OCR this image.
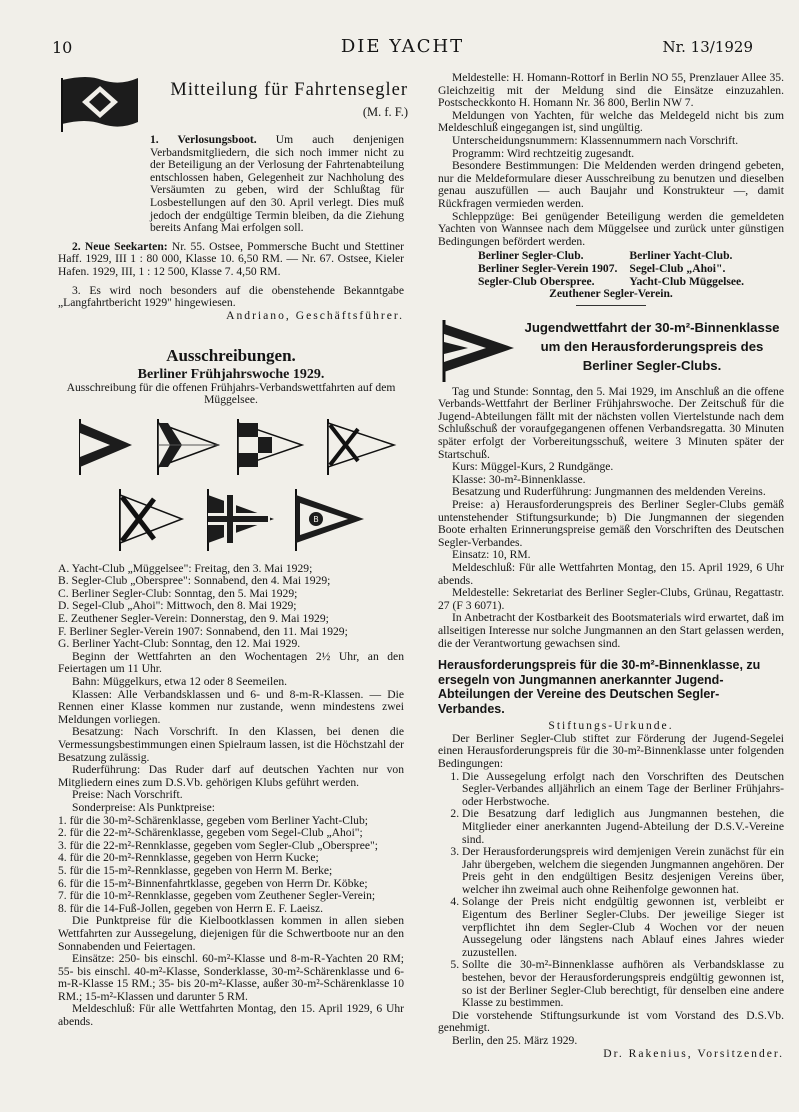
10	DIE YACHT	Nr. 13/1929
Mitteilung für Fahrtensegler
(M. f. F.)

1. Verlosungsboot. Um auch denjenigen Verbandsmitgliedern, die sich noch immer nicht zu der Beteiligung an der Verlosung der Fahrtenabteilung entschlossen haben, Gelegenheit zur Nachholung des Versäumten zu geben, wird der Schlußtag für Losbestellungen auf den 30. April verlegt. Dies muß jedoch der endgültige Termin bleiben, da die Ziehung bereits Anfang Mai erfolgen soll.

2. Neue Seekarten: Nr. 55. Ostsee, Pommersche Bucht und Stettiner Haff. 1929, III 1 : 80 000, Klasse 10. 6,50 RM. — Nr. 67. Ostsee, Kieler Hafen. 1929, III, 1 : 12 500, Klasse 7. 4,50 RM.

3. Es wird noch besonders auf die obenstehende Bekanntgabe „Langfahrtbericht 1929" hingewiesen.

Andriano, Geschäftsführer.

Ausschreibungen.
Berliner Frühjahrswoche 1929.

Ausschreibung für die offenen Frühjahrs-Verbandswettfahrten auf dem Müggelsee.

B

A. Yacht-Club „Müggelsee": Freitag, den 3. Mai 1929;

B. Segler-Club „Oberspree": Sonnabend, den 4. Mai 1929;

C. Berliner Segler-Club: Sonntag, den 5. Mai 1929;

D. Segel-Club „Ahoi": Mittwoch, den 8. Mai 1929;

E. Zeuthener Segler-Verein: Donnerstag, den 9. Mai 1929;

F. Berliner Segler-Verein 1907: Sonnabend, den 11. Mai 1929;

G. Berliner Yacht-Club: Sonntag, den 12. Mai 1929.

Beginn der Wettfahrten an den Wochentagen 2½ Uhr, an den Feiertagen um 11 Uhr.

Bahn: Müggelkurs, etwa 12 oder 8 Seemeilen.

Klassen: Alle Verbandsklassen und 6- und 8-m-R-Klassen. — Die Rennen einer Klasse kommen nur zustande, wenn mindestens zwei Meldungen vorliegen.

Besatzung: Nach Vorschrift. In den Klassen, bei denen die Vermessungsbestimmungen einen Spielraum lassen, ist die Höchstzahl der Besatzung zulässig.

Ruderführung: Das Ruder darf auf deutschen Yachten nur von Mitgliedern eines zum D.S.Vb. gehörigen Klubs geführt werden.

Preise: Nach Vorschrift.

Sonderpreise: Als Punktpreise:

1. für die 30-m²-Schärenklasse, gegeben vom Berliner Yacht-Club;

2. für die 22-m²-Schärenklasse, gegeben vom Segel-Club „Ahoi";

3. für die 22-m²-Rennklasse, gegeben vom Segler-Club „Oberspree";

4. für die 20-m²-Rennklasse, gegeben von Herrn Kucke;

5. für die 15-m²-Rennklasse, gegeben von Herrn M. Berke;

6. für die 15-m²-Binnenfahrtklasse, gegeben von Herrn Dr. Köbke;

7. für die 10-m²-Rennklasse, gegeben vom Zeuthener Segler-Verein;

8. für die 14-Fuß-Jollen, gegeben von Herrn E. F. Laeisz.

Die Punktpreise für die Kielbootklassen kommen in allen sieben Wettfahrten zur Aussegelung, diejenigen für die Schwertboote nur an den Sonnabenden und Feiertagen.

Einsätze: 250- bis einschl. 60-m²-Klasse und 8-m-R-Yachten 20 RM; 55- bis einschl. 40-m²-Klasse, Sonderklasse, 30-m²-Schärenklasse und 6-m-R-Klasse 15 RM.; 35- bis 20-m²-Klasse, außer 30-m²-Schärenklasse 10 RM.; 15-m²-Klassen und darunter 5 RM.

Meldeschluß: Für alle Wettfahrten Montag, den 15. April 1929, 6 Uhr abends.

Meldestelle: H. Homann-Rottorf in Berlin NO 55, Prenzlauer Allee 35. Gleichzeitig mit der Meldung sind die Einsätze einzuzahlen. Postscheckkonto H. Homann Nr. 36 800, Berlin NW 7.

Meldungen von Yachten, für welche das Meldegeld nicht bis zum Meldeschluß eingegangen ist, sind ungültig.

Unterscheidungsnummern: Klassennummern nach Vorschrift.

Programm: Wird rechtzeitig zugesandt.

Besondere Bestimmungen: Die Meldenden werden dringend gebeten, nur die Meldeformulare dieser Ausschreibung zu benutzen und dieselben genau auszufüllen — auch Baujahr und Konstrukteur —, damit Rückfragen vermieden werden.

Schleppzüge: Bei genügender Beteiligung werden die gemeldeten Yachten von Wannsee nach dem Müggelsee und zurück unter günstigen Bedingungen befördert werden.

Berliner Segler-Club.	Berliner Yacht-Club.
Berliner Segler-Verein 1907.	Segel-Club „Ahoi".
Segler-Club Oberspree.	Yacht-Club Müggelsee.

Zeuthener Segler-Verein.

Jugendwettfahrt der 30-m²-Binnenklasse um den Herausforderungspreis des Berliner Segler-Clubs.

Tag und Stunde: Sonntag, den 5. Mai 1929, im Anschluß an die offene Verbands-Wettfahrt der Berliner Frühjahrswoche. Der Zeitschuß für die Jugend-Abteilungen fällt mit der nächsten vollen Viertelstunde nach dem Schlußschuß der voraufgegangenen offenen Verbandsregatta. 30 Minuten später erfolgt der Vorbereitungsschuß, weitere 3 Minuten später der Startschuß.

Kurs: Müggel-Kurs, 2 Rundgänge.

Klasse: 30-m²-Binnenklasse.

Besatzung und Ruderführung: Jungmannen des meldenden Vereins.

Preise: a) Herausforderungspreis des Berliner Segler-Clubs gemäß untenstehender Stiftungsurkunde; b) Die Jungmannen der siegenden Boote erhalten Erinnerungspreise gemäß den Vorschriften des Deutschen Segler-Verbandes.

Einsatz: 10, RM.

Meldeschluß: Für alle Wettfahrten Montag, den 15. April 1929, 6 Uhr abends.

Meldestelle: Sekretariat des Berliner Segler-Clubs, Grünau, Regattastr. 27 (F 3 6071).

In Anbetracht der Kostbarkeit des Bootsmaterials wird erwartet, daß im allseitigen Interesse nur solche Jungmannen an den Start gelassen werden, die der Verantwortung gewachsen sind.

Herausforderungspreis für die 30-m²-Binnenklasse, zu ersegeln von Jungmannen anerkannter Jugend-Abteilungen der Vereine des Deutschen Segler-Verbandes.

Stiftungs-Urkunde.

Der Berliner Segler-Club stiftet zur Förderung der Jugend-Segelei einen Herausforderungspreis für die 30-m²-Binnenklasse unter folgenden Bedingungen:

1. Die Aussegelung erfolgt nach den Vorschriften des Deutschen Segler-Verbandes alljährlich an einem Tage der Berliner Frühjahrs- oder Herbstwoche.
2. Die Besatzung darf lediglich aus Jungmannen bestehen, die Mitglieder einer anerkannten Jugend-Abteilung der D.S.V.-Vereine sind.
3. Der Herausforderungspreis wird demjenigen Verein zunächst für ein Jahr übergeben, welchem die siegenden Jungmannen angehören. Der Preis geht in den endgültigen Besitz desjenigen Vereins über, welcher ihn zweimal auch ohne Reihenfolge gewonnen hat.
4. Solange der Preis nicht endgültig gewonnen ist, verbleibt er Eigentum des Berliner Segler-Clubs. Der jeweilige Sieger ist verpflichtet ihn dem Segler-Club 4 Wochen vor der neuen Aussegelung oder längstens nach Ablauf eines Jahres wieder zuzustellen.
5. Sollte die 30-m²-Binnenklasse aufhören als Verbandsklasse zu bestehen, bevor der Herausforderungspreis endgültig gewonnen ist, so ist der Berliner Segler-Club berechtigt, für denselben eine andere Klasse zu bestimmen.

Die vorstehende Stiftungsurkunde ist vom Vorstand des D.S.Vb. genehmigt.

Berlin, den 25. März 1929.

Dr. Rakenius, Vorsitzender.
